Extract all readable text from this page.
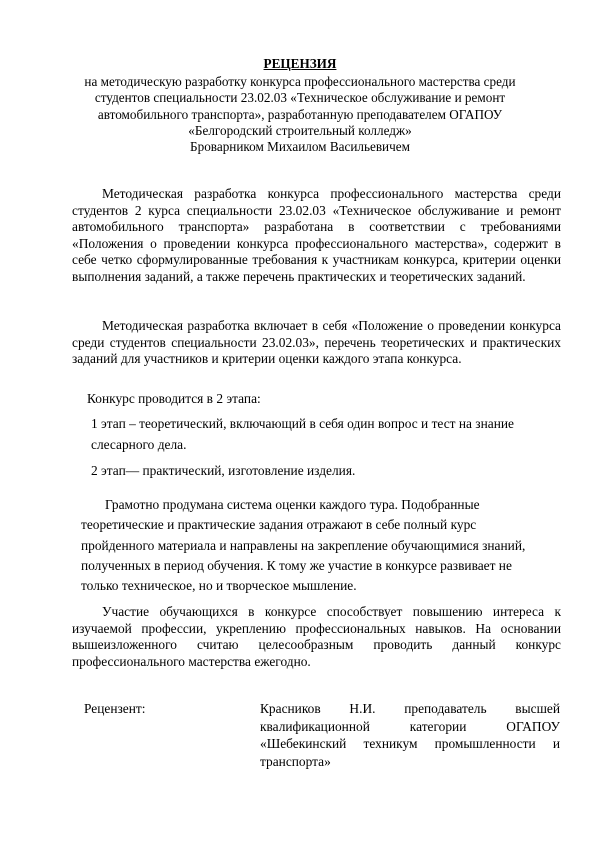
РЕЦЕНЗИЯ
на методическую разработку конкурса профессионального мастерства среди
студентов специальности 23.02.03 «Техническое обслуживание и ремонт
автомобильного транспорта», разработанную преподавателем ОГАПОУ
«Белгородский строительный колледж»
Броварником Михаилом Васильевичем
Методическая разработка конкурса профессионального мастерства среди студентов 2 курса специальности 23.02.03 «Техническое обслуживание и ремонт автомобильного транспорта» разработана в соответствии с требованиями «Положения о проведении конкурса профессионального мастерства», содержит в себе четко сформулированные требования к участникам конкурса, критерии оценки выполнения заданий, а также перечень практических и теоретических заданий.
Методическая разработка включает в себя «Положение о проведении конкурса среди студентов специальности 23.02.03», перечень теоретических и практических заданий для участников и критерии оценки каждого этапа конкурса.
Конкурс проводится в 2 этапа:
1 этап – теоретический, включающий в себя один вопрос и тест на знание слесарного дела.
2 этап— практический, изготовление изделия.
Грамотно продумана система оценки каждого тура. Подобранные
теоретические и практические задания отражают в себе полный курс пройденного материала и направлены на закрепление обучающимися знаний, полученных в период обучения. К тому же участие в конкурсе развивает не только техническое, но и творческое мышление.
Участие обучающихся в конкурсе способствует повышению интереса к изучаемой профессии, укреплению профессиональных навыков. На основании вышеизложенного считаю целесообразным проводить данный конкурс профессионального мастерства ежегодно.
Рецензент:	Красников Н.И. преподаватель высшей квалификационной категории ОГАПОУ «Шебекинский техникум промышленности и транспорта»
